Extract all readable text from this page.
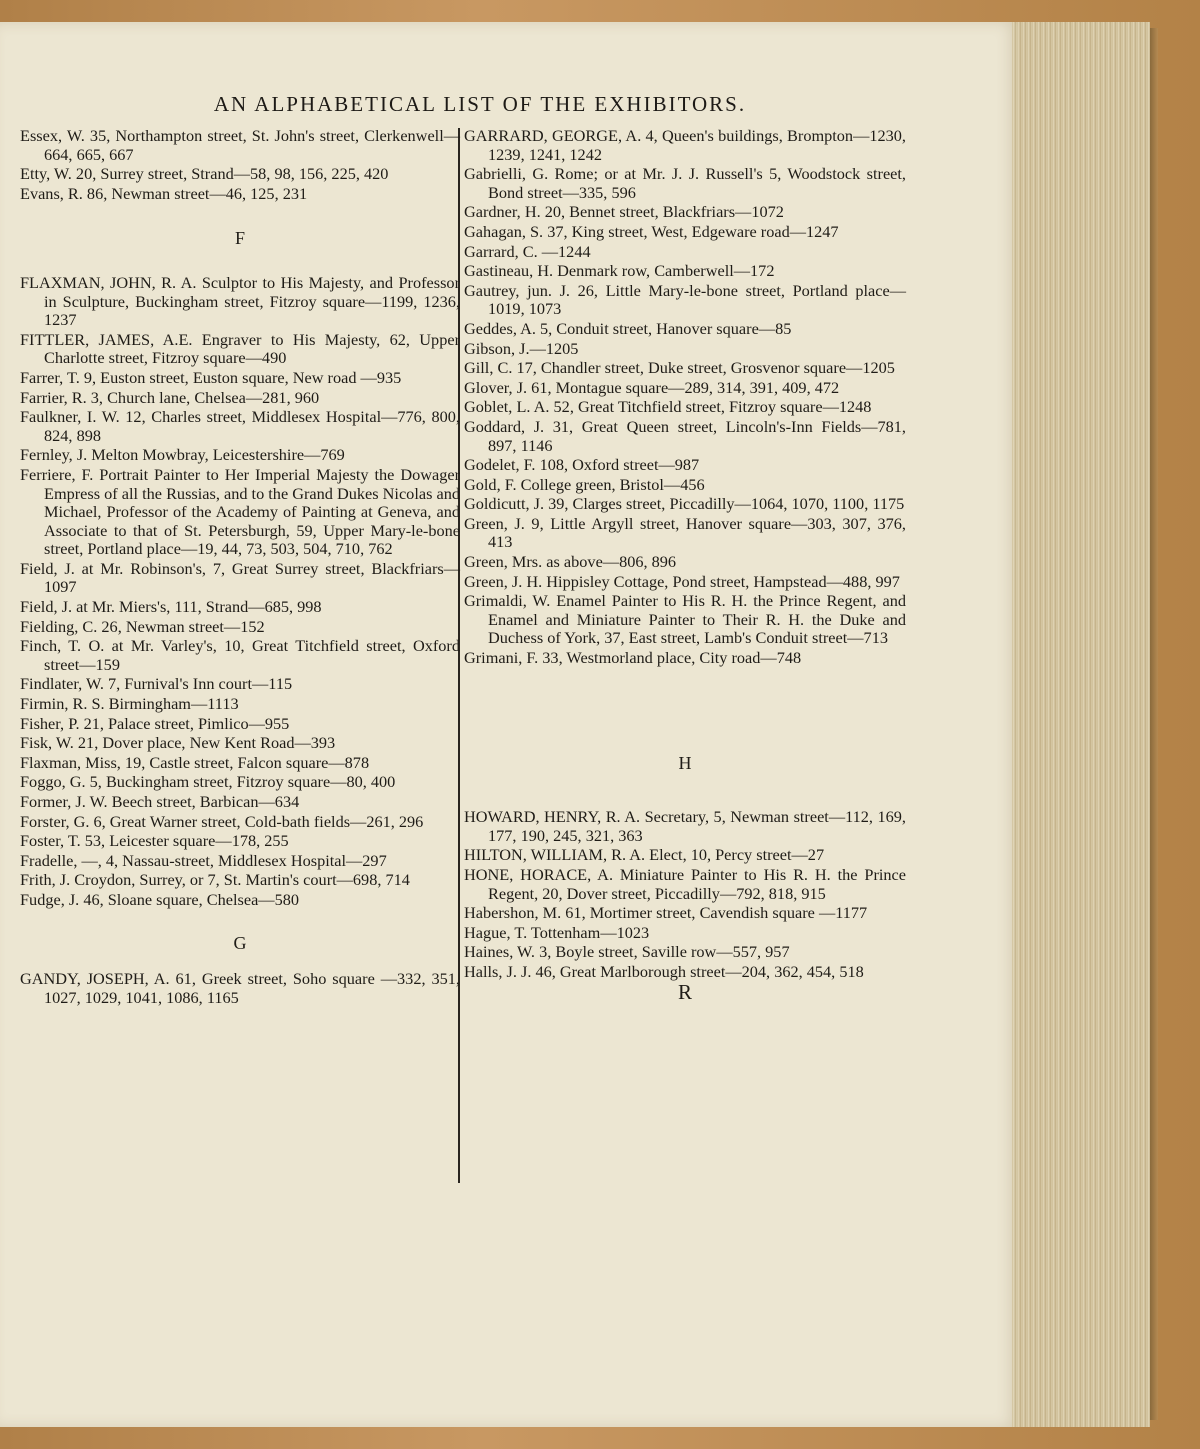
AN ALPHABETICAL LIST OF THE EXHIBITORS.

Essex, W. 35, Northampton street, St. John's street, Clerkenwell—664, 665, 667

Etty, W. 20, Surrey street, Strand—58, 98, 156, 225, 420

Evans, R. 86, Newman street—46, 125, 231

F

FLAXMAN, JOHN, R. A. Sculptor to His Majesty, and Professor in Sculpture, Buckingham street, Fitzroy square—1199, 1236, 1237

FITTLER, JAMES, A.E. Engraver to His Majesty, 62, Upper Charlotte street, Fitzroy square—490

Farrer, T. 9, Euston street, Euston square, New road —935

Farrier, R. 3, Church lane, Chelsea—281, 960

Faulkner, I. W. 12, Charles street, Middlesex Hospital—776, 800, 824, 898

Fernley, J. Melton Mowbray, Leicestershire—769

Ferriere, F. Portrait Painter to Her Imperial Majesty the Dowager Empress of all the Russias, and to the Grand Dukes Nicolas and Michael, Professor of the Academy of Painting at Geneva, and Associate to that of St. Petersburgh, 59, Upper Mary-le-bone street, Portland place—19, 44, 73, 503, 504, 710, 762

Field, J. at Mr. Robinson's, 7, Great Surrey street, Blackfriars—1097

Field, J. at Mr. Miers's, 111, Strand—685, 998

Fielding, C. 26, Newman street—152

Finch, T. O. at Mr. Varley's, 10, Great Titchfield street, Oxford street—159

Findlater, W. 7, Furnival's Inn court—115

Firmin, R. S. Birmingham—1113

Fisher, P. 21, Palace street, Pimlico—955

Fisk, W. 21, Dover place, New Kent Road—393

Flaxman, Miss, 19, Castle street, Falcon square—878

Foggo, G. 5, Buckingham street, Fitzroy square—80, 400

Former, J. W. Beech street, Barbican—634

Forster, G. 6, Great Warner street, Cold-bath fields—261, 296

Foster, T. 53, Leicester square—178, 255

Fradelle, —, 4, Nassau-street, Middlesex Hospital—297

Frith, J. Croydon, Surrey, or 7, St. Martin's court—698, 714

Fudge, J. 46, Sloane square, Chelsea—580

G

GANDY, JOSEPH, A. 61, Greek street, Soho square —332, 351, 1027, 1029, 1041, 1086, 1165

GARRARD, GEORGE, A. 4, Queen's buildings, Brompton—1230, 1239, 1241, 1242

Gabrielli, G. Rome; or at Mr. J. J. Russell's 5, Woodstock street, Bond street—335, 596

Gardner, H. 20, Bennet street, Blackfriars—1072

Gahagan, S. 37, King street, West, Edgeware road—1247

Garrard, C. —1244

Gastineau, H. Denmark row, Camberwell—172

Gautrey, jun. J. 26, Little Mary-le-bone street, Portland place—1019, 1073

Geddes, A. 5, Conduit street, Hanover square—85

Gibson, J.—1205

Gill, C. 17, Chandler street, Duke street, Grosvenor square—1205

Glover, J. 61, Montague square—289, 314, 391, 409, 472

Goblet, L. A. 52, Great Titchfield street, Fitzroy square—1248

Goddard, J. 31, Great Queen street, Lincoln's-Inn Fields—781, 897, 1146

Godelet, F. 108, Oxford street—987

Gold, F. College green, Bristol—456

Goldicutt, J. 39, Clarges street, Piccadilly—1064, 1070, 1100, 1175

Green, J. 9, Little Argyll street, Hanover square—303, 307, 376, 413

Green, Mrs. as above—806, 896

Green, J. H. Hippisley Cottage, Pond street, Hampstead—488, 997

Grimaldi, W. Enamel Painter to His R. H. the Prince Regent, and Enamel and Miniature Painter to Their R. H. the Duke and Duchess of York, 37, East street, Lamb's Conduit street—713

Grimani, F. 33, Westmorland place, City road—748

H

HOWARD, HENRY, R. A. Secretary, 5, Newman street—112, 169, 177, 190, 245, 321, 363

HILTON, WILLIAM, R. A. Elect, 10, Percy street—27

HONE, HORACE, A. Miniature Painter to His R. H. the Prince Regent, 20, Dover street, Piccadilly—792, 818, 915

Habershon, M. 61, Mortimer street, Cavendish square —1177

Hague, T. Tottenham—1023

Haines, W. 3, Boyle street, Saville row—557, 957

Halls, J. J. 46, Great Marlborough street—204, 362, 454, 518

R
